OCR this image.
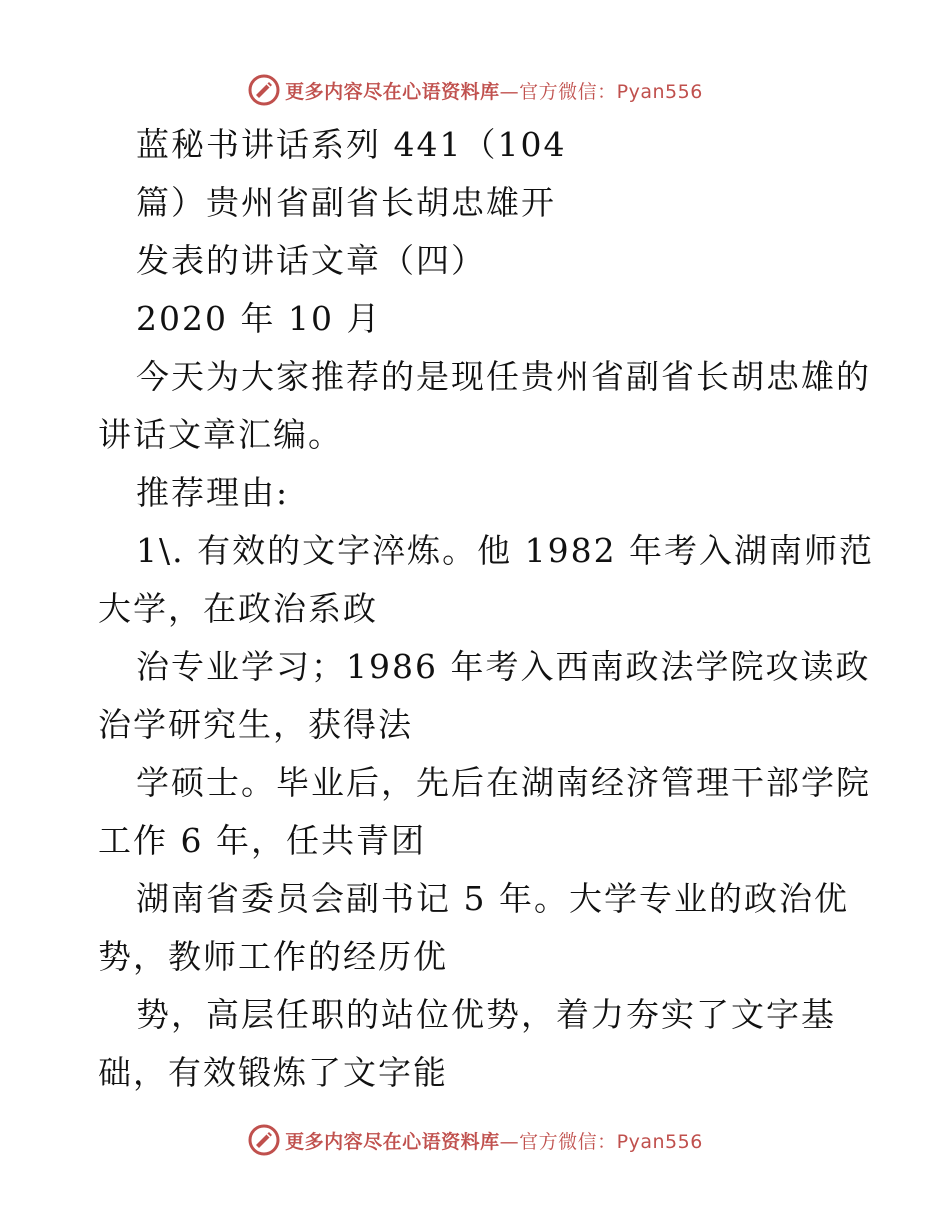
更多内容尽在心语资料库 —官方微信：Pyan556
蓝秘书讲话系列 441（104
篇）贵州省副省长胡忠雄开
发表的讲话文章（四）
2020 年 10 月
今天为大家推荐的是现任贵州省副省长胡忠雄的
讲话文章汇编。
推荐理由:
1\. 有效的文字淬炼。他 1982 年考入湖南师范
大学，在政治系政
治专业学习；1986 年考入西南政法学院攻读政
治学研究生，获得法
学硕士。毕业后，先后在湖南经济管理干部学院
工作 6 年，任共青团
湖南省委员会副书记 5 年。大学专业的政治优
势，教师工作的经历优
势，高层任职的站位优势，着力夯实了文字基
础，有效锻炼了文字能
更多内容尽在心语资料库 —官方微信：Pyan556
